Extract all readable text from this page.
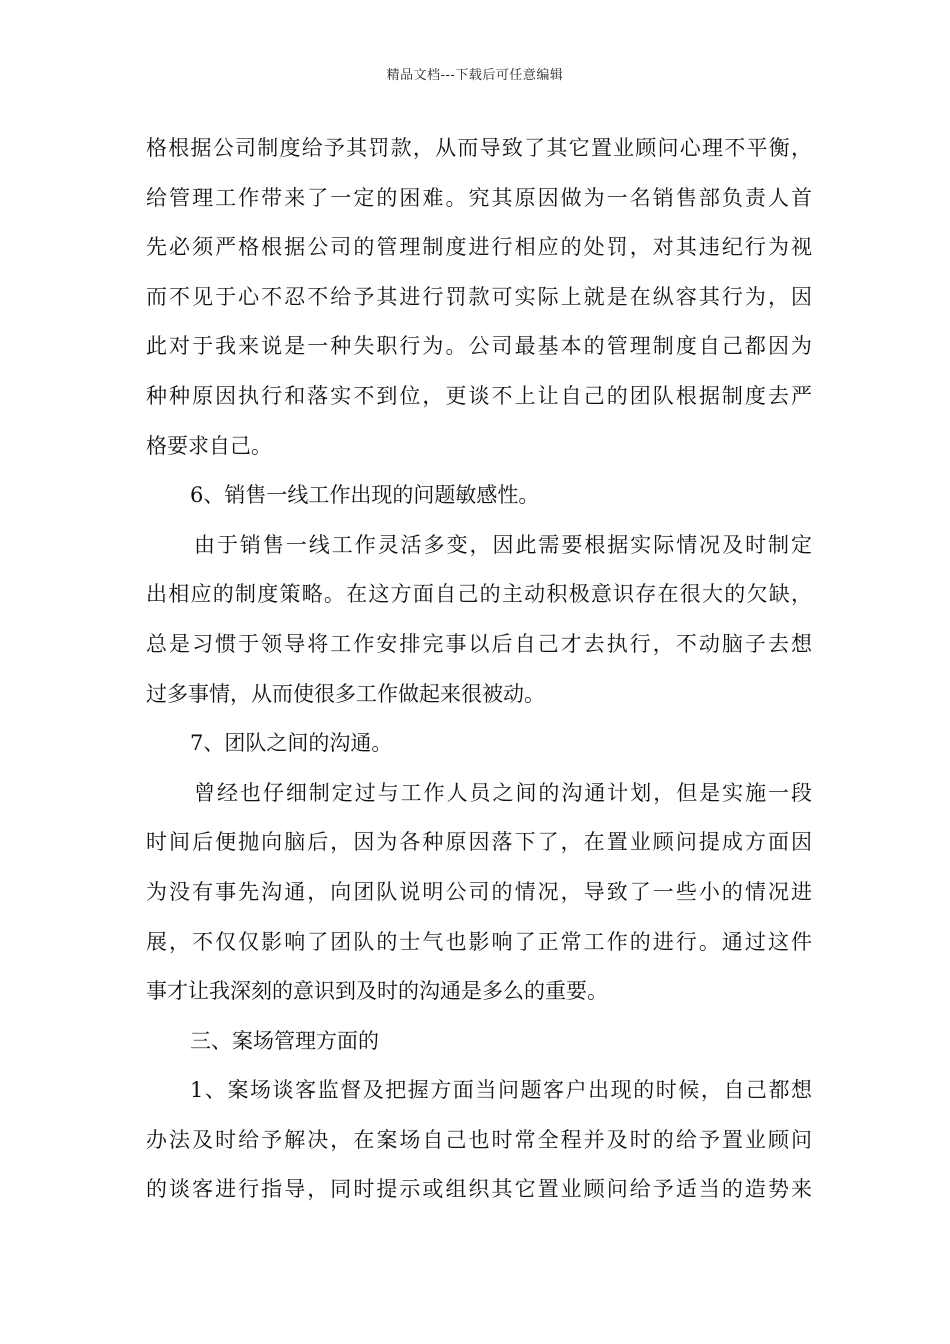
精品文档---下载后可任意编辑
格根据公司制度给予其罚款，从而导致了其它置业顾问心理不平衡，
给管理工作带来了一定的困难。究其原因做为一名销售部负责人首
先必须严格根据公司的管理制度进行相应的处罚，对其违纪行为视
而不见于心不忍不给予其进行罚款可实际上就是在纵容其行为，因
此对于我来说是一种失职行为。公司最基本的管理制度自己都因为
种种原因执行和落实不到位，更谈不上让自己的团队根据制度去严
格要求自己。
6、销售一线工作出现的问题敏感性。
由于销售一线工作灵活多变，因此需要根据实际情况及时制定
出相应的制度策略。在这方面自己的主动积极意识存在很大的欠缺，
总是习惯于领导将工作安排完事以后自己才去执行，不动脑子去想
过多事情，从而使很多工作做起来很被动。
7、团队之间的沟通。
曾经也仔细制定过与工作人员之间的沟通计划，但是实施一段
时间后便抛向脑后，因为各种原因落下了，在置业顾问提成方面因
为没有事先沟通，向团队说明公司的情况，导致了一些小的情况进
展，不仅仅影响了团队的士气也影响了正常工作的进行。通过这件
事才让我深刻的意识到及时的沟通是多么的重要。
三、案场管理方面的
1、案场谈客监督及把握方面当问题客户出现的时候，自己都想
办法及时给予解决，在案场自己也时常全程并及时的给予置业顾问
的谈客进行指导，同时提示或组织其它置业顾问给予适当的造势来
